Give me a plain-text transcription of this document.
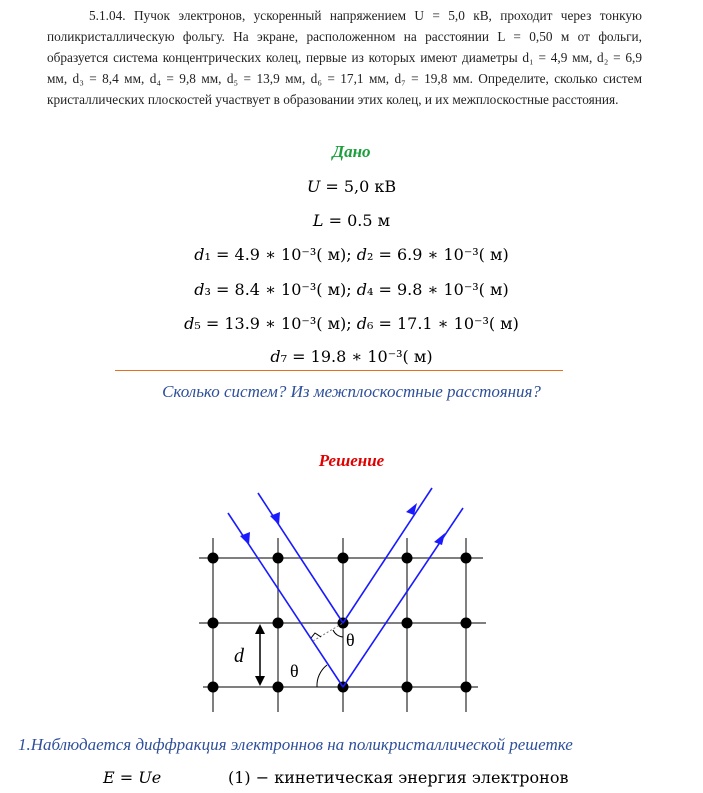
5.1.04. Пучок электронов, ускоренный напряжением U = 5,0 кВ, проходит через тонкую поликристаллическую фольгу. На экране, расположенном на расстоянии L = 0,50 м от фольги, образуется система концентрических колец, первые из которых имеют диаметры d₁ = 4,9 мм, d₂ = 6,9 мм, d₃ = 8,4 мм, d₄ = 9,8 мм, d₅ = 13,9 мм, d₆ = 17,1 мм, d₇ = 19,8 мм. Определите, сколько систем кристаллических плоскостей участвует в образовании этих колец, и их межплоскостные расстояния.

Дано
𝑈 = 5,0 кВ
𝐿 = 0.5 м
𝑑₁ = 4.9 ∗ 10⁻³( м); 𝑑₂ = 6.9 ∗ 10⁻³( м)
𝑑₃ = 8.4 ∗ 10⁻³( м); 𝑑₄ = 9.8 ∗ 10⁻³( м)
𝑑₅ = 13.9 ∗ 10⁻³( м); 𝑑₆ = 17.1 ∗ 10⁻³( м)
𝑑₇ = 19.8 ∗ 10⁻³( м)
Сколько систем? Из межплоскостные расстояния?
Решение
d
θ
θ
1.Наблюдается диффракция электроннов на поликристаллической решетке
𝐸 = 𝑈𝑒	(1) − кинетическая энергия электронов
